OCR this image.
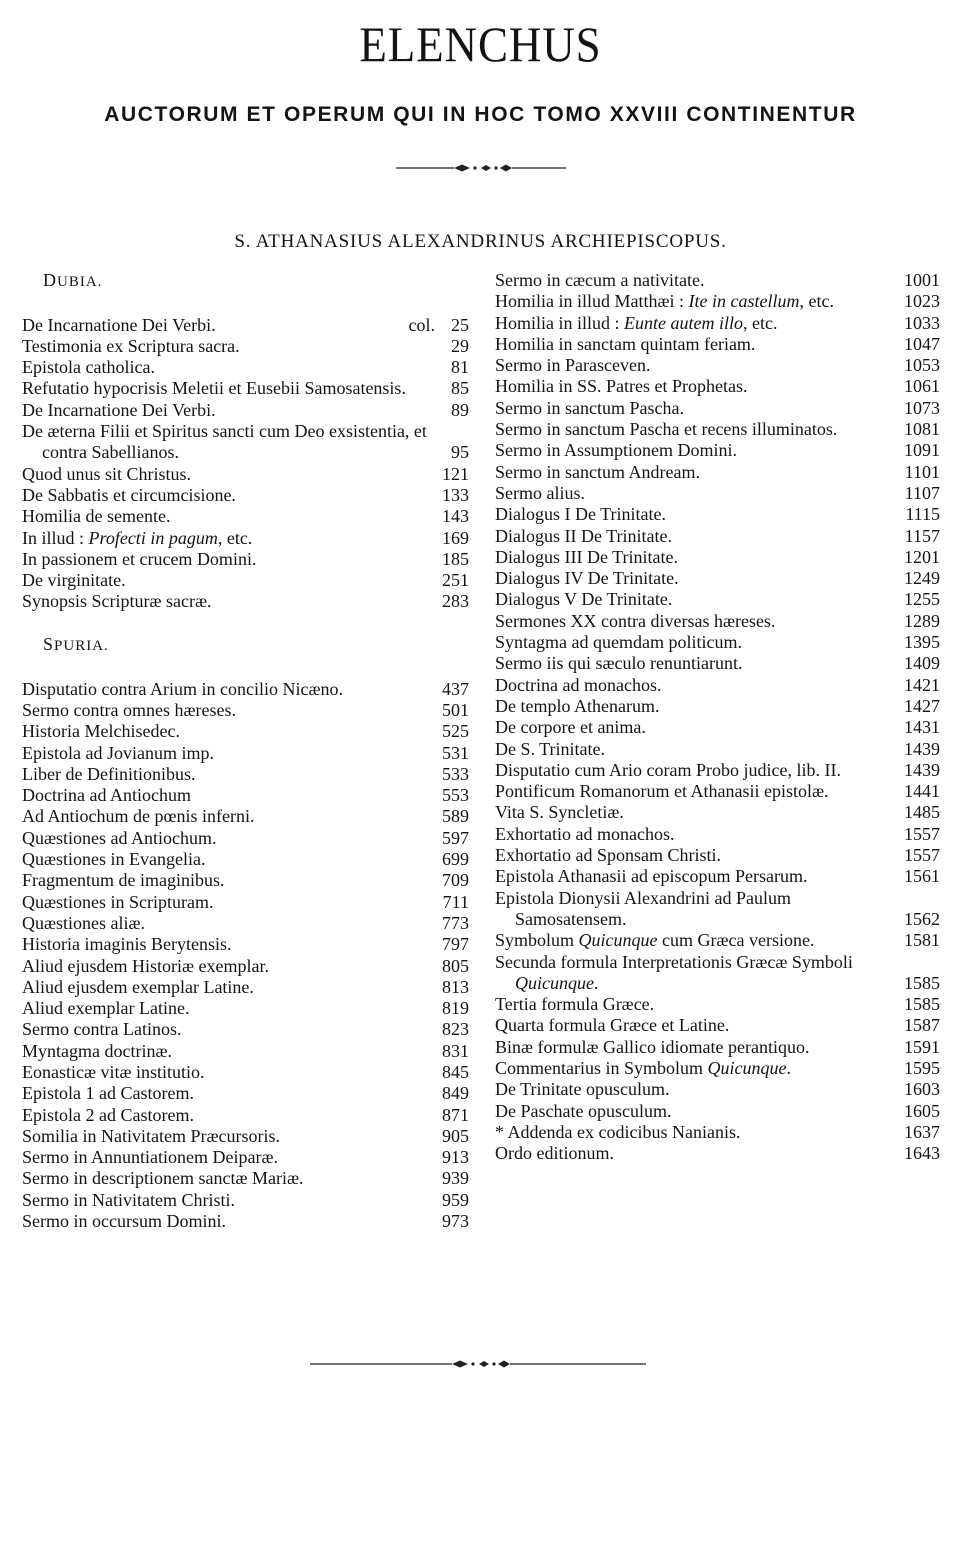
ELENCHUS
AUCTORUM ET OPERUM QUI IN HOC TOMO XXVIII CONTINENTUR
S. ATHANASIUS ALEXANDRINUS ARCHIEPISCOPUS.
DUBIA.
De Incarnatione Dei Verbi.	col. 25
Testimonia ex Scriptura sacra.	29
Epistola catholica.	81
Refutatio hypocrisis Meletii et Eusebii Samosatensis.	85
De Incarnatione Dei Verbi.	89
De æterna Filii et Spiritus sancti cum Deo exsistentia, et contra Sabellianos.	95
Quod unus sit Christus.	121
De Sabbatis et circumcisione.	133
Homilia de semente.	143
In illud : Profecti in pagum, etc.	169
In passionem et crucem Domini.	185
De virginitate.	251
Synopsis Scripturæ sacræ.	283
SPURIA.
Disputatio contra Arium in concilio Nicæno.	437
Sermo contra omnes hæreses.	501
Historia Melchisedec.	525
Epistola ad Jovianum imp.	531
Liber de Definitionibus.	533
Doctrina ad Antiochum	553
Ad Antiochum de pœnis inferni.	589
Quæstiones ad Antiochum.	597
Quæstiones in Evangelia.	699
Fragmentum de imaginibus.	709
Quæstiones in Scripturam.	711
Quæstiones aliæ.	773
Historia imaginis Berytensis.	797
Aliud ejusdem Historiæ exemplar.	805
Aliud ejusdem exemplar Latine.	813
Aliud exemplar Latine.	819
Sermo contra Latinos.	823
Myntagma doctrinæ.	831
Eonasticæ vitæ institutio.	845
Epistola 1 ad Castorem.	849
Epistola 2 ad Castorem.	871
Somilia in Nativitatem Præcursoris.	905
Sermo in Annuntiationem Deiparæ.	913
Sermo in descriptionem sanctæ Mariæ.	939
Sermo in Nativitatem Christi.	959
Sermo in occursum Domini.	973
Sermo in cæcum a nativitate.	1001
Homilia in illud Matthæi : Ite in castellum, etc.	1023
Homilia in illud : Eunte autem illo, etc.	1033
Homilia in sanctam quintam feriam.	1047
Sermo in Parasceven.	1053
Homilia in SS. Patres et Prophetas.	1061
Sermo in sanctum Pascha.	1073
Sermo in sanctum Pascha et recens illuminatos.	1081
Sermo in Assumptionem Domini.	1091
Sermo in sanctum Andream.	1101
Sermo alius.	1107
Dialogus I De Trinitate.	1115
Dialogus II De Trinitate.	1157
Dialogus III De Trinitate.	1201
Dialogus IV De Trinitate.	1249
Dialogus V De Trinitate.	1255
Sermones XX contra diversas hæreses.	1289
Syntagma ad quemdam politicum.	1395
Sermo iis qui sæculo renuntiarunt.	1409
Doctrina ad monachos.	1421
De templo Athenarum.	1427
De corpore et anima.	1431
De S. Trinitate.	1439
Disputatio cum Ario coram Probo judice, lib. II.	1439
Pontificum Romanorum et Athanasii epistolæ.	1441
Vita S. Syncletiæ.	1485
Exhortatio ad monachos.	1557
Exhortatio ad Sponsam Christi.	1557
Epistola Athanasii ad episcopum Persarum.	1561
Epistola Dionysii Alexandrini ad Paulum Samosatensem.	1562
Symbolum Quicunque cum Græca versione.	1581
Secunda formula Interpretationis Græcæ Symboli Quicunque.	1585
Tertia formula Græce.	1585
Quarta formula Græce et Latine.	1587
Binæ formulæ Gallico idiomate perantiquo.	1591
Commentarius in Symbolum Quicunque.	1595
De Trinitate opusculum.	1603
De Paschate opusculum.	1605
* Addenda ex codicibus Nanianis.	1637
Ordo editionum.	1643
